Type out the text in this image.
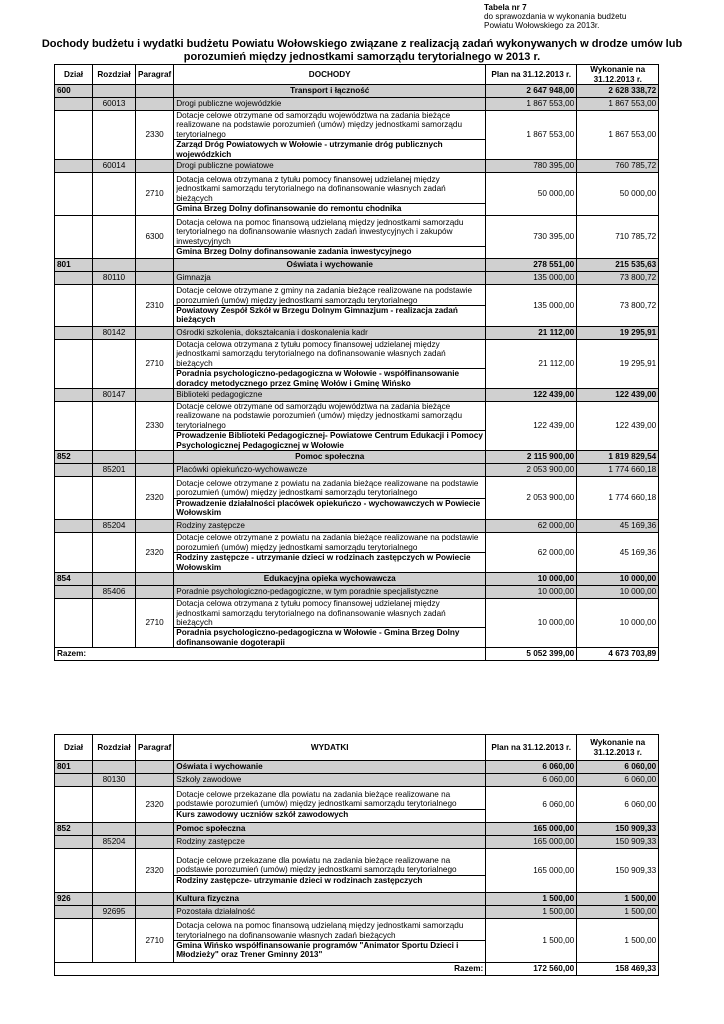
Tabela nr 7
do sprawozdania w wykonania budżetu
Powiatu Wołowskiego za 2013r.
Dochody budżetu i wydatki budżetu Powiatu Wołowskiego związane z realizacją zadań wykonywanych w drodze umów lub
porozumień między jednostkami samorządu terytorialnego w 2013 r.
Dział	Rozdział	Paragraf	DOCHODY	Plan na 31.12.2013 r.	Wykonanie na 31.12.2013 r.
600			Transport i łączność	2 647 948,00	2 628 338,72
	60013		Drogi publiczne wojewódzkie	1 867 553,00	1 867 553,00
		2330	Dotacje celowe otrzymane od samorządu województwa na zadania bieżące realizowane na podstawie porozumień (umów) między jednostkami samorządu terytorialnego
Zarząd Dróg Powiatowych w Wołowie - utrzymanie dróg publicznych wojewódzkich	1 867 553,00	1 867 553,00
	60014		Drogi publiczne powiatowe	780 395,00	760 785,72
		2710	Dotacja celowa otrzymana z tytułu pomocy finansowej udzielanej między jednostkami samorządu terytorialnego na dofinansowanie własnych zadań bieżących
Gmina Brzeg Dolny dofinansowanie do remontu chodnika	50 000,00	50 000,00
		6300	Dotacja celowa na pomoc finansową udzielaną między jednostkami samorządu terytorialnego na dofinansowanie własnych zadań inwestycyjnych i zakupów inwestycyjnych
Gmina Brzeg Dolny dofinansowanie zadania inwestycyjnego	730 395,00	710 785,72
801			Oświata i wychowanie	278 551,00	215 535,63
	80110		Gimnazja	135 000,00	73 800,72
		2310	Dotacje celowe otrzymane z gminy na zadania bieżące realizowane na podstawie porozumień (umów) między jednostkami samorządu terytorialnego
Powiatowy Zespół Szkół w Brzegu Dolnym Gimnazjum - realizacja zadań bieżących	135 000,00	73 800,72
	80142		Ośrodki szkolenia, dokształcania i doskonalenia kadr	21 112,00	19 295,91
		2710	Dotacja celowa otrzymana z tytułu pomocy finansowej udzielanej między jednostkami samorządu terytorialnego na dofinansowanie własnych zadań bieżących
Poradnia psychologiczno-pedagogiczna w Wołowie - współfinansowanie doradcy metodycznego przez Gminę Wołów i Gminę Wińsko	21 112,00	19 295,91
	80147		Biblioteki pedagogiczne	122 439,00	122 439,00
		2330	Dotacje celowe otrzymane od samorządu województwa na zadania bieżące realizowane na podstawie porozumień (umów) między jednostkami samorządu terytorialnego
Prowadzenie Biblioteki Pedagogicznej- Powiatowe Centrum Edukacji i Pomocy Psychologicznej Pedagogicznej w Wołowie	122 439,00	122 439,00
852			Pomoc społeczna	2 115 900,00	1 819 829,54
	85201		Placówki opiekuńczo-wychowawcze	2 053 900,00	1 774 660,18
		2320	Dotacje celowe otrzymane z powiatu na zadania bieżące realizowane na podstawie porozumień (umów) między jednostkami samorządu terytorialnego
Prowadzenie działalności placówek opiekuńczo - wychowawczych w Powiecie Wołowskim	2 053 900,00	1 774 660,18
	85204		Rodziny zastępcze	62 000,00	45 169,36
		2320	Dotacje celowe otrzymane z powiatu na zadania bieżące realizowane na podstawie porozumień (umów) między jednostkami samorządu terytorialnego
Rodziny zastępcze - utrzymanie dzieci w rodzinach zastępczych w Powiecie Wołowskim	62 000,00	45 169,36
854			Edukacyjna opieka wychowawcza	10 000,00	10 000,00
	85406		Poradnie psychologiczno-pedagogiczne, w tym poradnie specjalistyczne	10 000,00	10 000,00
		2710	Dotacja celowa otrzymana z tytułu pomocy finansowej udzielanej między jednostkami samorządu terytorialnego na dofinansowanie własnych zadań bieżących
Poradnia psychologiczno-pedagogiczna w Wołowie - Gmina Brzeg Dolny dofinansowanie dogoterapii	10 000,00	10 000,00
Razem:				5 052 399,00	4 673 703,89
Dział	Rozdział	Paragraf	WYDATKI	Plan na 31.12.2013 r.	Wykonanie na 31.12.2013 r.
801			Oświata i wychowanie	6 060,00	6 060,00
	80130		Szkoły zawodowe	6 060,00	6 060,00
		2320	Dotacje celowe przekazane dla powiatu na zadania bieżące realizowane na podstawie porozumień (umów) między jednostkami samorządu terytorialnego
Kurs zawodowy uczniów szkół zawodowych	6 060,00	6 060,00
852			Pomoc społeczna	165 000,00	150 909,33
	85204		Rodziny zastępcze	165 000,00	150 909,33
		2320	Dotacje celowe przekazane dla powiatu na zadania bieżące realizowane na podstawie porozumień (umów) między jednostkami samorządu terytorialnego
Rodziny zastępcze- utrzymanie dzieci w rodzinach zastępczych	165 000,00	150 909,33
926			Kultura fizyczna	1 500,00	1 500,00
	92695		Pozostała działalność	1 500,00	1 500,00
		2710	Dotacja celowa na pomoc finansową udzielaną między jednostkami samorządu terytorialnego na dofinansowanie własnych zadań bieżących
Gmina Wińsko współfinansowanie programów "Animator Sportu Dzieci i Młodzieży" oraz Trener Gminny 2013"	1 500,00	1 500,00
Razem:				172 560,00	158 469,33
